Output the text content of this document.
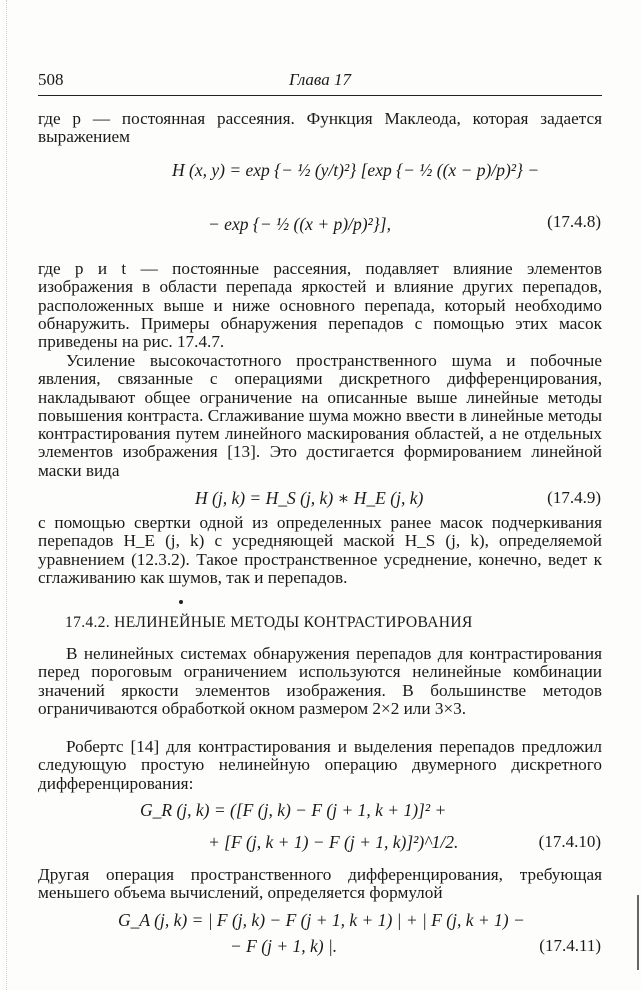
508	Глава 17

где p — постоянная рассеяния. Функция Маклеода, которая задается выражением

H (x, y) = exp {− ½ (y/t)²} [exp {− ½ ((x − p)/p)²} −
− exp {− ½ ((x + p)/p)²}],	(17.4.8)

где p и t — постоянные рассеяния, подавляет влияние элементов изображения в области перепада яркостей и влияние других перепадов, расположенных выше и ниже основного перепада, который необходимо обнаружить. Примеры обнаружения перепадов с помощью этих масок приведены на рис. 17.4.7.

Усиление высокочастотного пространственного шума и побочные явления, связанные с операциями дискретного дифференцирования, накладывают общее ограничение на описанные выше линейные методы повышения контраста. Сглаживание шума можно ввести в линейные методы контрастирования путем линейного маскирования областей, а не отдельных элементов изображения [13]. Это достигается формированием линейной маски вида

H (j, k) = H_S (j, k) ∗ H_E (j, k)	(17.4.9)

с помощью свертки одной из определенных ранее масок подчеркивания перепадов H_E (j, k) с усредняющей маской H_S (j, k), определяемой уравнением (12.3.2). Такое пространственное усреднение, конечно, ведет к сглаживанию как шумов, так и перепадов.

17.4.2. НЕЛИНЕЙНЫЕ МЕТОДЫ КОНТРАСТИРОВАНИЯ

В нелинейных системах обнаружения перепадов для контрастирования перед пороговым ограничением используются нелинейные комбинации значений яркости элементов изображения. В большинстве методов ограничиваются обработкой окном размером 2×2 или 3×3.

Робертс [14] для контрастирования и выделения перепадов предложил следующую простую нелинейную операцию двумерного дискретного дифференцирования:

G_R (j, k) = ([F (j, k) − F (j + 1, k + 1)]² +
+ [F (j, k + 1) − F (j + 1, k)]²)^1/2.	(17.4.10)

Другая операция пространственного дифференцирования, требующая меньшего объема вычислений, определяется формулой

G_A (j, k) = | F (j, k) − F (j + 1, k + 1) | + | F (j, k + 1) −
− F (j + 1, k) |.	(17.4.11)
